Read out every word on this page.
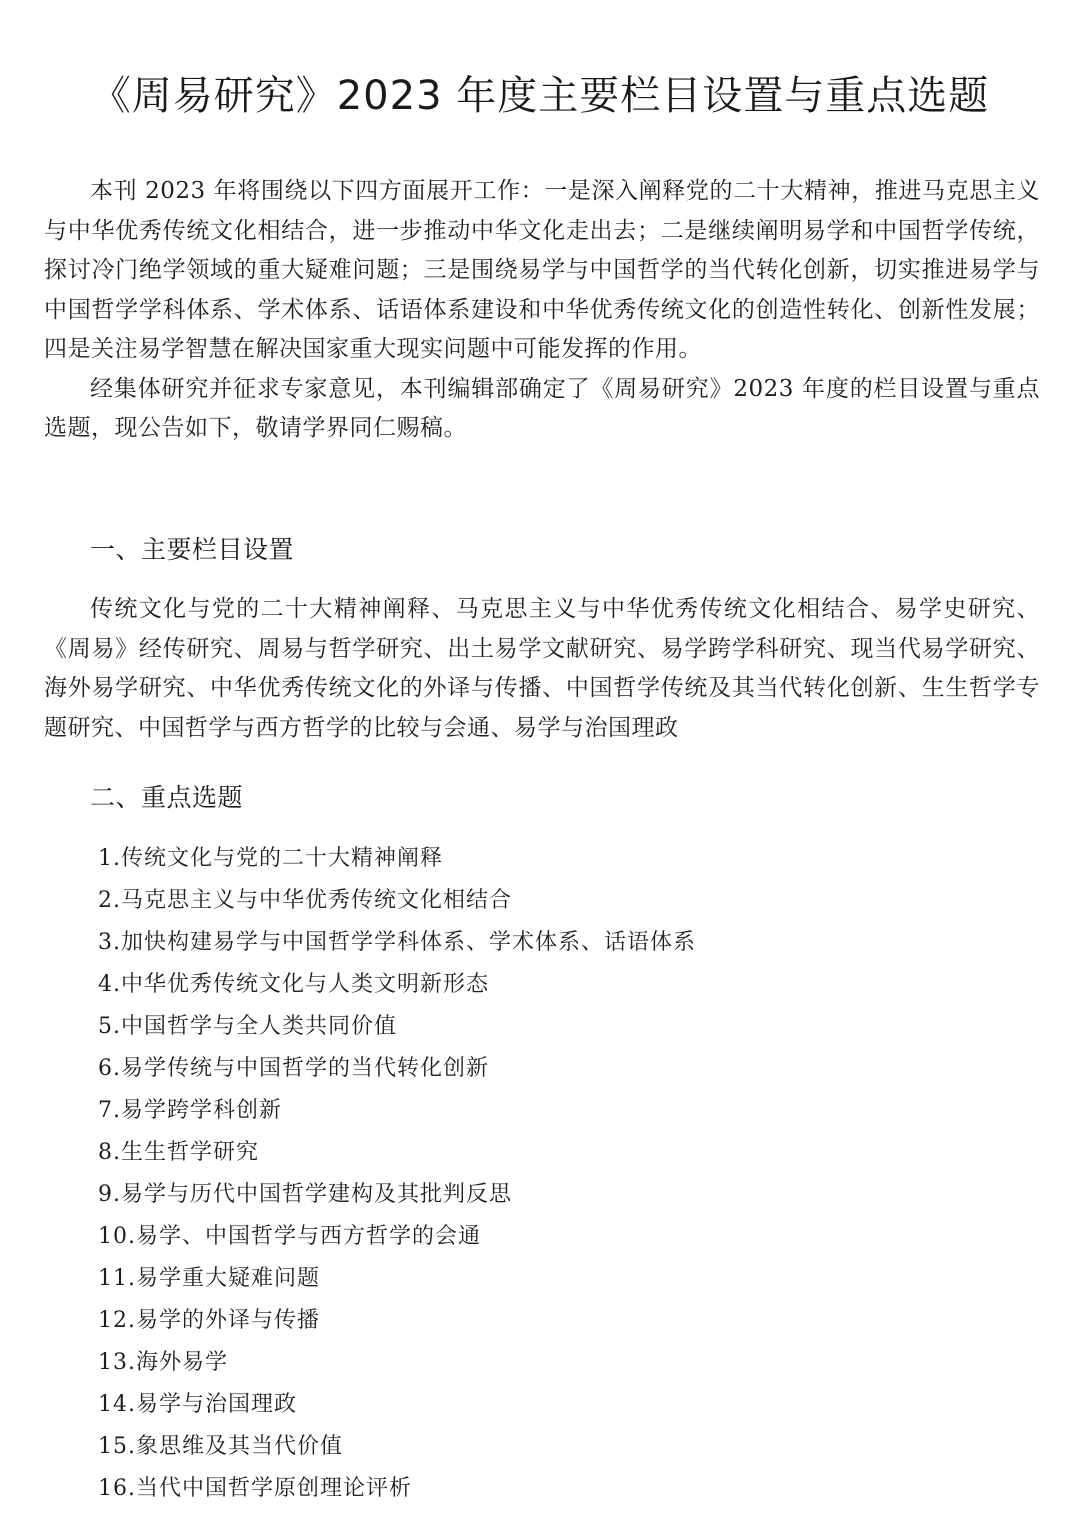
《周易研究》2023 年度主要栏目设置与重点选题

本刊 2023 年将围绕以下四方面展开工作：一是深入阐释党的二十大精神，推进马克思主义与中华优秀传统文化相结合，进一步推动中华文化走出去；二是继续阐明易学和中国哲学传统，探讨冷门绝学领域的重大疑难问题；三是围绕易学与中国哲学的当代转化创新，切实推进易学与中国哲学学科体系、学术体系、话语体系建设和中华优秀传统文化的创造性转化、创新性发展；四是关注易学智慧在解决国家重大现实问题中可能发挥的作用。

经集体研究并征求专家意见，本刊编辑部确定了《周易研究》2023 年度的栏目设置与重点选题，现公告如下，敬请学界同仁赐稿。

一、主要栏目设置

传统文化与党的二十大精神阐释、马克思主义与中华优秀传统文化相结合、易学史研究、《周易》经传研究、周易与哲学研究、出土易学文献研究、易学跨学科研究、现当代易学研究、海外易学研究、中华优秀传统文化的外译与传播、中国哲学传统及其当代转化创新、生生哲学专题研究、中国哲学与西方哲学的比较与会通、易学与治国理政

二、重点选题
1.传统文化与党的二十大精神阐释
2.马克思主义与中华优秀传统文化相结合
3.加快构建易学与中国哲学学科体系、学术体系、话语体系
4.中华优秀传统文化与人类文明新形态
5.中国哲学与全人类共同价值
6.易学传统与中国哲学的当代转化创新
7.易学跨学科创新
8.生生哲学研究
9.易学与历代中国哲学建构及其批判反思
10.易学、中国哲学与西方哲学的会通
11.易学重大疑难问题
12.易学的外译与传播
13.海外易学
14.易学与治国理政
15.象思维及其当代价值
16.当代中国哲学原创理论评析
